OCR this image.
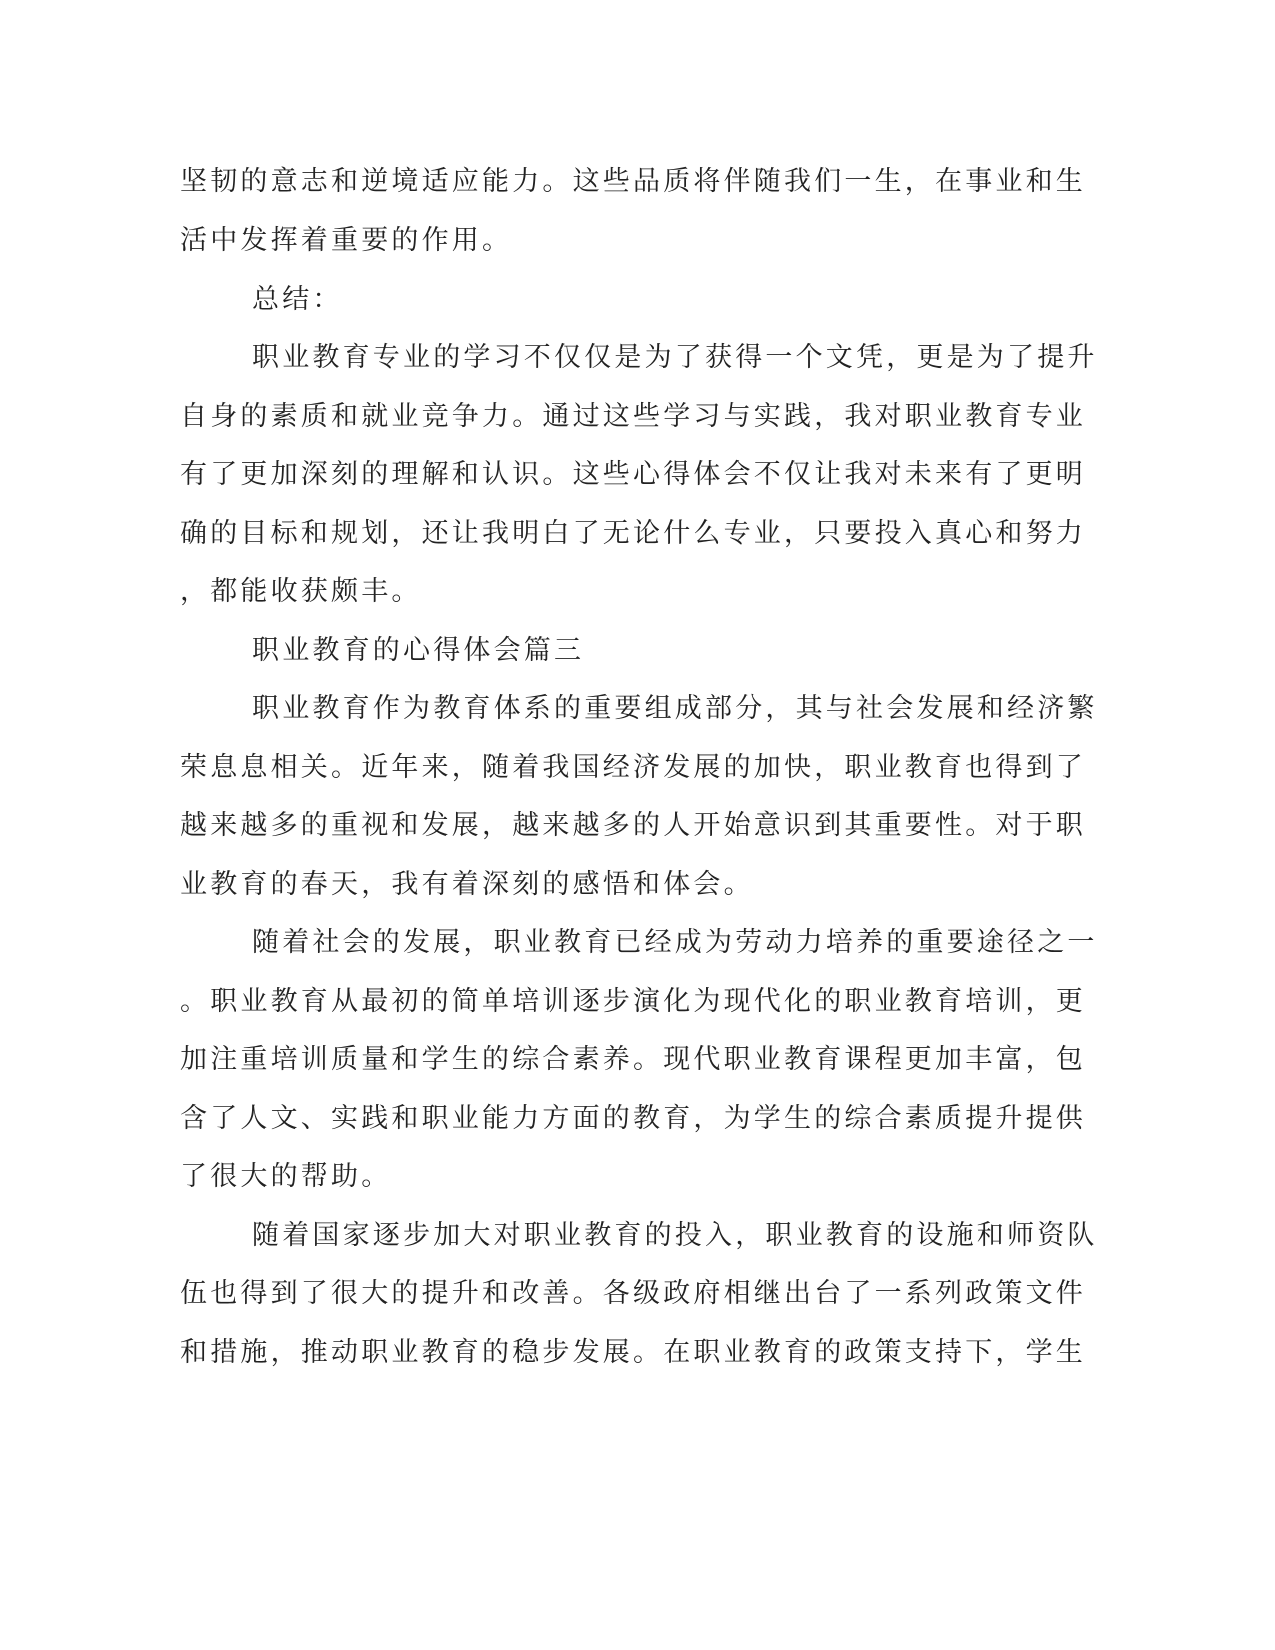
坚韧的意志和逆境适应能力。这些品质将伴随我们一生，在事业和生
活中发挥着重要的作用。
总结：
职业教育专业的学习不仅仅是为了获得一个文凭，更是为了提升
自身的素质和就业竞争力。通过这些学习与实践，我对职业教育专业
有了更加深刻的理解和认识。这些心得体会不仅让我对未来有了更明
确的目标和规划，还让我明白了无论什么专业，只要投入真心和努力
，都能收获颇丰。
职业教育的心得体会篇三
职业教育作为教育体系的重要组成部分，其与社会发展和经济繁
荣息息相关。近年来，随着我国经济发展的加快，职业教育也得到了
越来越多的重视和发展，越来越多的人开始意识到其重要性。对于职
业教育的春天，我有着深刻的感悟和体会。
随着社会的发展，职业教育已经成为劳动力培养的重要途径之一
。职业教育从最初的简单培训逐步演化为现代化的职业教育培训，更
加注重培训质量和学生的综合素养。现代职业教育课程更加丰富，包
含了人文、实践和职业能力方面的教育，为学生的综合素质提升提供
了很大的帮助。
随着国家逐步加大对职业教育的投入，职业教育的设施和师资队
伍也得到了很大的提升和改善。各级政府相继出台了一系列政策文件
和措施，推动职业教育的稳步发展。在职业教育的政策支持下，学生
